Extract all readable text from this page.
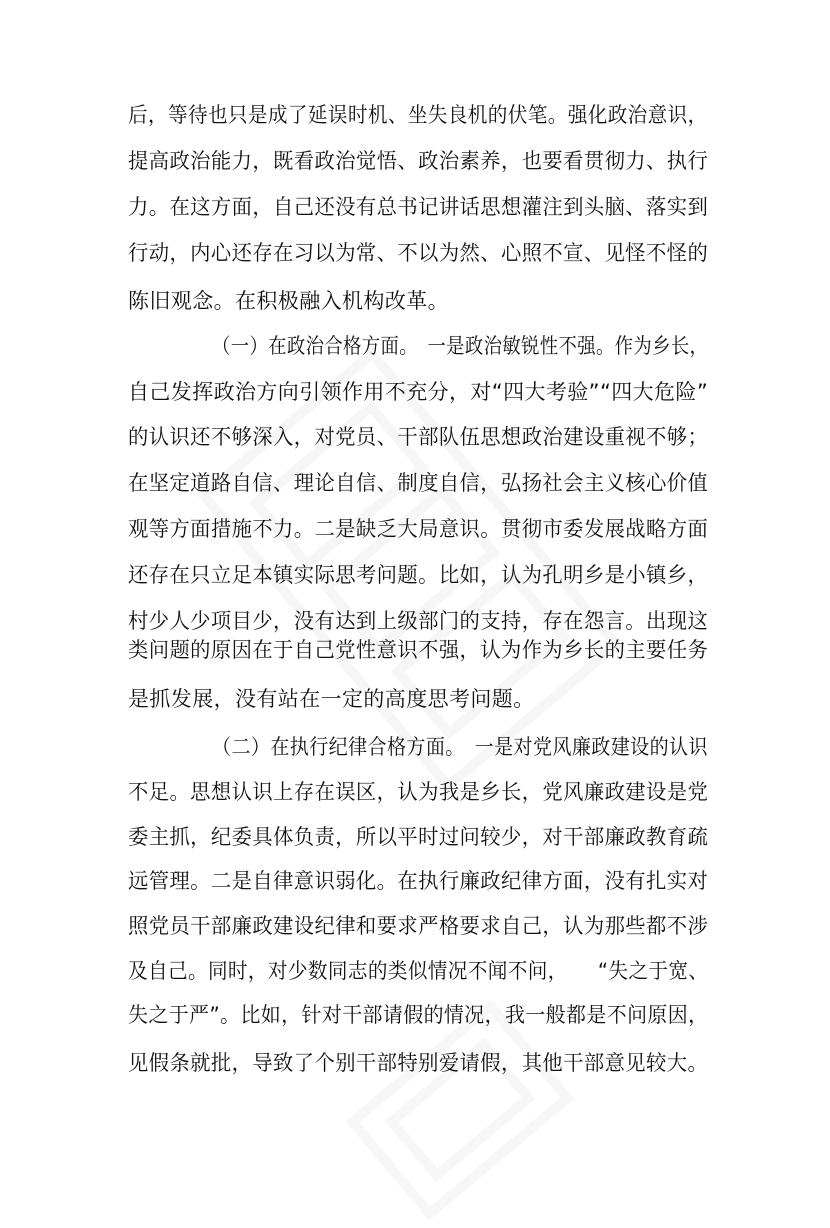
后，等待也只是成了延误时机、坐失良机的伏笔。强化政治意识，
提高政治能力，既看政治觉悟、政治素养，也要看贯彻力、执行
力。在这方面，自己还没有总书记讲话思想灌注到头脑、落实到
行动，内心还存在习以为常、不以为然、心照不宣、见怪不怪的
陈旧观念。在积极融入机构改革。
（一）在政治合格方面。　一是政治敏锐性不强。作为乡长，
自己发挥政治方向引领作用不充分，对“四大考验”“四大危险”
的认识还不够深入，对党员、干部队伍思想政治建设重视不够；
在坚定道路自信、理论自信、制度自信，弘扬社会主义核心价值
观等方面措施不力。二是缺乏大局意识。贯彻市委发展战略方面
还存在只立足本镇实际思考问题。比如，认为孔明乡是小镇乡，
村少人少项目少，没有达到上级部门的支持，存在怨言。出现这
类问题的原因在于自己党性意识不强，认为作为乡长的主要任务
是抓发展，没有站在一定的高度思考问题。
（二）在执行纪律合格方面。　一是对党风廉政建设的认识
不足。思想认识上存在误区，认为我是乡长，党风廉政建设是党
委主抓，纪委具体负责，所以平时过问较少，对干部廉政教育疏
远管理。二是自律意识弱化。在执行廉政纪律方面，没有扎实对
照党员干部廉政建设纪律和要求严格要求自己，认为那些都不涉
及自己。同时，对少数同志的类似情况不闻不问，　　“失之于宽、
失之于严”。比如，针对干部请假的情况，我一般都是不问原因，
见假条就批，导致了个别干部特别爱请假，其他干部意见较大。
